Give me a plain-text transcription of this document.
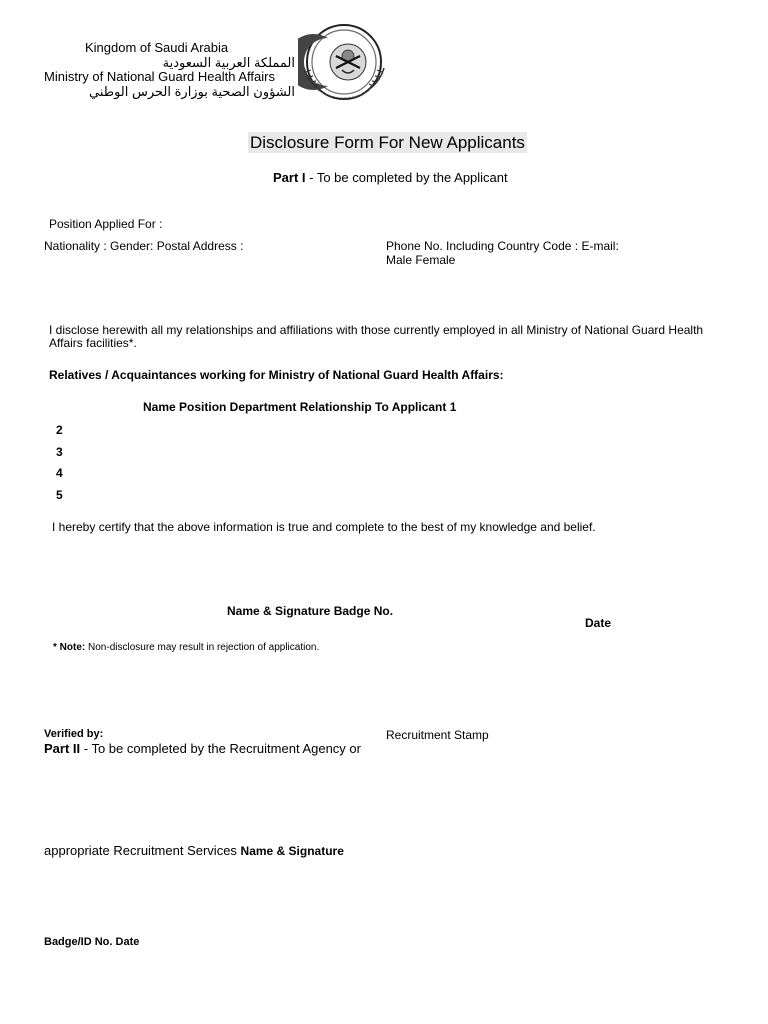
Kingdom of Saudi Arabia
المملكة العربية السعودية
Ministry of National Guard Health Affairs
الشؤون الصحية بوزارة الحرس الوطني
Disclosure Form For New Applicants
Part I - To be completed by the Applicant
Position Applied For :
Nationality : Gender: Postal Address :	Phone No. Including Country Code : E-mail:
Male Female
I disclose herewith all my relationships and affiliations with those currently employed in all Ministry of National Guard Health
Affairs facilities*.
Relatives / Acquaintances working for Ministry of National Guard Health Affairs:
Name Position Department Relationship To Applicant 1
2
3
4
5
I hereby certify that the above information is true and complete to the best of my knowledge and belief.
Name & Signature Badge No.
Date
* Note: Non-disclosure may result in rejection of application.
Verified by:	Recruitment Stamp
Part II - To be completed by the Recruitment Agency or
appropriate Recruitment Services Name & Signature
Badge/ID No. Date
